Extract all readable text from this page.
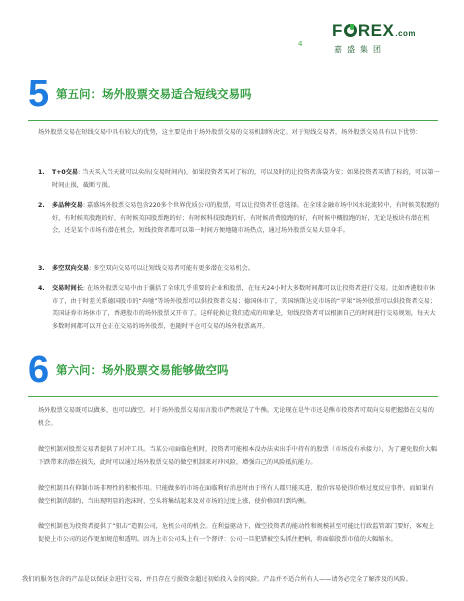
4
F REX.com
嘉盛集团
5 第五问：场外股票交易适合短线交易吗

场外股票交易在短线交易中具有较大的优势，这主要是由于场外股票交易的交易机制所决定。对于短线交易者，场外股票交易具有以下优势：

1.	T+0交易: 当天买入当天就可以卖出(交易时间内)，如果投资者买对了标的，可以及时的让投资者落袋为安；如果投资者买错了标的，可以第一时间止损，截断亏损。
2.	多品种交易: 嘉盛场外股票交易包含220多个世界优质公司的股票，可以让投资者任意选择。在全球金融市场中风水轮流转中，有时候美股跑的好，有时候英股跑的好，有时候英国股票跑的好；有时候科技股跑的好，有时候消费股跑的好，有时候中概股跑的好，无论是板块有潜在机会，还是某个市场有潜在机会，短线投资者都可以第一时间方便地随市场热点，通过场外股票交易大显身手。
3.	多空双向交易: 多空双向交易可以让短线交易者可能有更多潜在交易机会。
4.	交易时间长: 在场外股票交易中由于囊括了全球几乎重要的企业和股票，在每天24小时大多数时间都可以让投资者进行交易。比如香港股市休市了，由于时差关系德国股市的“奔驰”等场外股票可以供投资者交易；德国休市了，美国纳斯达克市场的“苹果”场外股票可以供投资者交易；美国证券市场休市了，香港股市的场外股票又开市了。这样轮换让我们造成的印象是，短线投资者可以根据自己的时间进行交易规划，每天大多数时间都可以开仓正在交易的场外股票，也随时平仓可交易的场外股票离开。
6 第六问：场外股票交易能够做空吗

场外股票交易既可以做多，也可以做空。对于场外股票交易而言股市俨然就是了牛熊。无论现在是牛市还是熊市投资者可双向交易把握潜在交易的机会。

做空机制对股票交易者提供了对冲工具。当某公司面临危机时，投资者可能根本没办法卖出手中持有的股票（市场没有承接力），为了避免股价大幅下跌带来的潜在损失，此时可以通过场外股票交易的做空机制来对冲风险，增强自己的风险抵抗能力。

做空机制具有抑制市场非理性的积极作用。只能做多的市场在面临利好消息时由于所有人都只能买进，股价容易使得价格过度反应事件。而如果有做空机制的制约，当出现明显的泡沫时，空头将集结起来及对市场的过度上涨，使价格回归到均衡。

做空机制也为投资者提供了“狙击”造假公司，危机公司的机会。在利益驱动下，做空投资者的能动性和规模甚至可能比行政监管部门要好，客观上促使上市公司的运作更加规范和透明。因为上市公司头上有一个督评：公司一旦犯错被空头抓住把柄，将面临股票市值的大幅缩水。

我们的服务包含的产品是以保证金进行交易，并且存在亏损资金超过初始投入金的风险。产品并不适合所有人——请务必完全了解涉及的风险。
